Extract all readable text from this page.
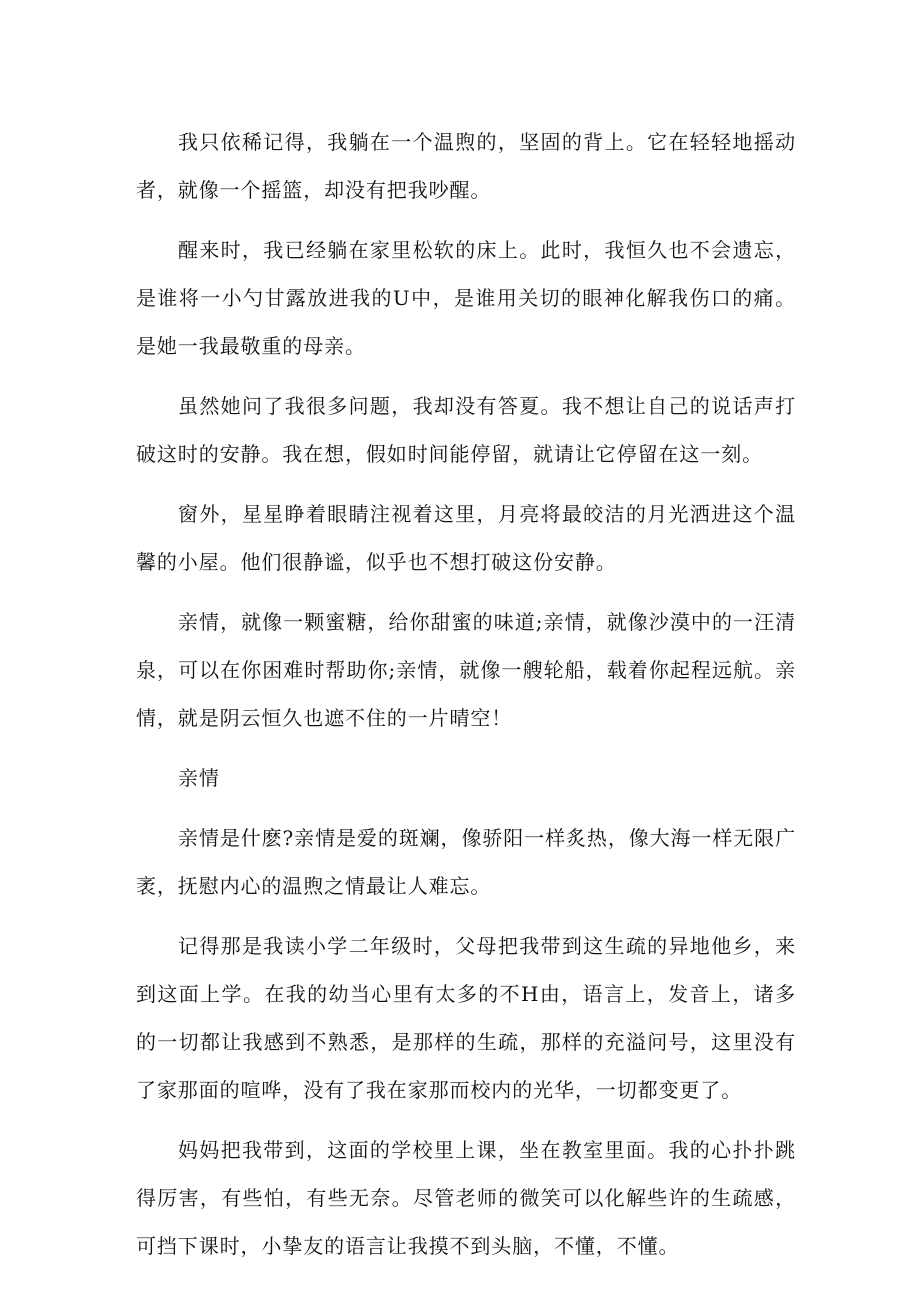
我只依稀记得，我躺在一个温煦的，坚固的背上。它在轻轻地摇动者，就像一个摇篮，却没有把我吵醒。

醒来时，我已经躺在家里松软的床上。此时，我恒久也不会遗忘，是谁将一小勺甘露放进我的U中，是谁用关切的眼神化解我伤口的痛。是她一我最敬重的母亲。

虽然她问了我很多问题，我却没有答夏。我不想让自己的说话声打破这时的安静。我在想，假如时间能停留，就请让它停留在这一刻。

窗外，星星睁着眼睛注视着这里，月亮将最皎洁的月光洒进这个温馨的小屋。他们很静谧，似乎也不想打破这份安静。

亲情，就像一颗蜜糖，给你甜蜜的味道;亲情，就像沙漠中的一汪清泉，可以在你困难时帮助你;亲情，就像一艘轮船，载着你起程远航。亲情，就是阴云恒久也遮不住的一片晴空！

亲情

亲情是什麽?亲情是爱的斑斓，像骄阳一样炙热，像大海一样无限广袤，抚慰内心的温煦之情最让人难忘。

记得那是我读小学二年级时，父母把我带到这生疏的异地他乡，来到这面上学。在我的幼当心里有太多的不H由，语言上，发音上，诸多的一切都让我感到不熟悉，是那样的生疏，那样的充溢问号，这里没有了家那面的喧哗，没有了我在家那而校内的光华，一切都变更了。

妈妈把我带到，这面的学校里上课，坐在教室里面。我的心扑扑跳得厉害，有些怕，有些无奈。尽管老师的微笑可以化解些许的生疏感，可挡下课时，小挚友的语言让我摸不到头脑，不懂，不懂。
